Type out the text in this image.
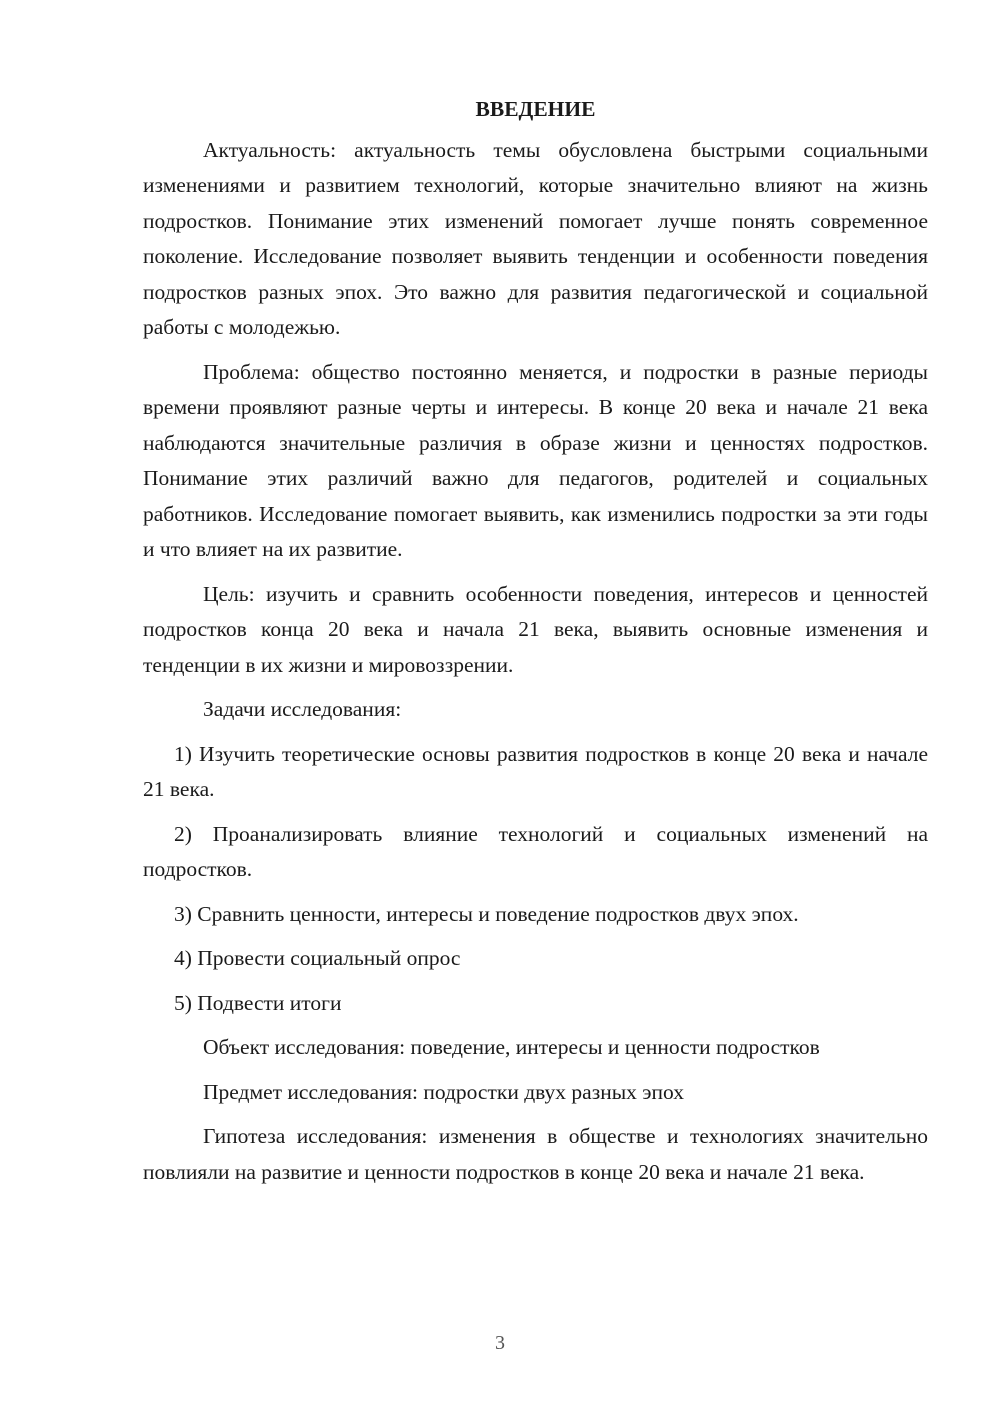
ВВЕДЕНИЕ

Актуальность: актуальность темы обусловлена быстрыми социальными изменениями и развитием технологий, которые значительно влияют на жизнь подростков. Понимание этих изменений помогает лучше понять современное поколение. Исследование позволяет выявить тенденции и особенности поведения подростков разных эпох. Это важно для развития педагогической и социальной работы с молодежью.

Проблема: общество постоянно меняется, и подростки в разные периоды времени проявляют разные черты и интересы. В конце 20 века и начале 21 века наблюдаются значительные различия в образе жизни и ценностях подростков. Понимание этих различий важно для педагогов, родителей и социальных работников. Исследование помогает выявить, как изменились подростки за эти годы и что влияет на их развитие.

Цель: изучить и сравнить особенности поведения, интересов и ценностей подростков конца 20 века и начала 21 века, выявить основные изменения и тенденции в их жизни и мировоззрении.

Задачи исследования:

1) Изучить теоретические основы развития подростков в конце 20 века и начале 21 века.

2) Проанализировать влияние технологий и социальных изменений на подростков.

3) Сравнить ценности, интересы и поведение подростков двух эпох.

4) Провести социальный опрос

5) Подвести итоги

Объект исследования: поведение, интересы и ценности подростков

Предмет исследования: подростки двух разных эпох

Гипотеза исследования: изменения в обществе и технологиях значительно повлияли на развитие и ценности подростков в конце 20 века и начале 21 века.

3
